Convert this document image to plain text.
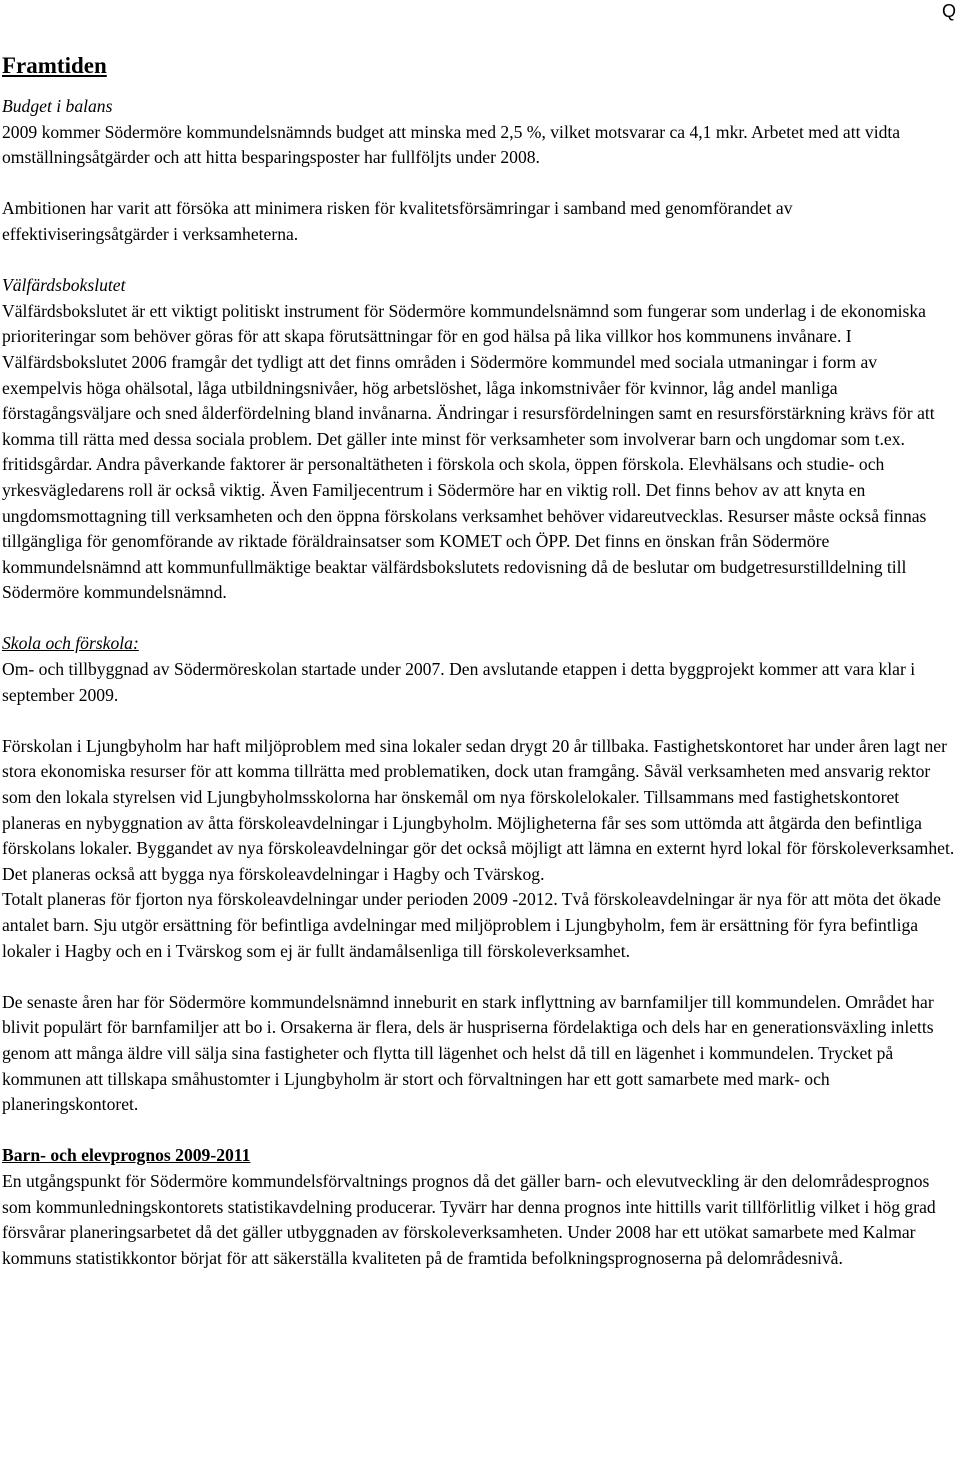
Q
Framtiden

Budget i balans

2009 kommer Södermöre kommundelsnämnds budget att minska med 2,5 %, vilket motsvarar ca 4,1 mkr. Arbetet med att vidta omställningsåtgärder och att hitta besparingsposter har fullföljts under 2008.

Ambitionen har varit att försöka att minimera risken för kvalitetsförsämringar i samband med genomförandet av effektiviseringsåtgärder i verksamheterna.

Välfärdsbokslutet

Välfärdsbokslutet är ett viktigt politiskt instrument för Södermöre kommundelsnämnd som fungerar som underlag i de ekonomiska prioriteringar som behöver göras för att skapa förutsättningar för en god hälsa på lika villkor hos kommunens invånare. I Välfärdsbokslutet 2006 framgår det tydligt att det finns områden i Södermöre kommundel med sociala utmaningar i form av exempelvis höga ohälsotal, låga utbildningsnivåer, hög arbetslöshet, låga inkomstnivåer för kvinnor, låg andel manliga förstagångsväljare och sned ålderfördelning bland invånarna. Ändringar i resursfördelningen samt en resursförstärkning krävs för att komma till rätta med dessa sociala problem. Det gäller inte minst för verksamheter som involverar barn och ungdomar som t.ex. fritidsgårdar. Andra påverkande faktorer är personaltätheten i förskola och skola, öppen förskola. Elevhälsans och studie- och yrkesvägledarens roll är också viktig. Även Familjecentrum i Södermöre har en viktig roll. Det finns behov av att knyta en ungdomsmottagning till verksamheten och den öppna förskolans verksamhet behöver vidareutvecklas. Resurser måste också finnas tillgängliga för genomförande av riktade föräldrainsatser som KOMET och ÖPP. Det finns en önskan från Södermöre kommundelsnämnd att kommunfullmäktige beaktar välfärdsbokslutets redovisning då de beslutar om budgetresurstilldelning till Södermöre kommundelsnämnd.

Skola och förskola:

Om- och tillbyggnad av Södermöreskolan startade under 2007. Den avslutande etappen i detta byggprojekt kommer att vara klar i september 2009.

Förskolan i Ljungbyholm har haft miljöproblem med sina lokaler sedan drygt 20 år tillbaka. Fastighetskontoret har under åren lagt ner stora ekonomiska resurser för att komma tillrätta med problematiken, dock utan framgång. Såväl verksamheten med ansvarig rektor som den lokala styrelsen vid Ljungbyholmsskolorna har önskemål om nya förskolelokaler. Tillsammans med fastighetskontoret planeras en nybyggnation av åtta förskoleavdelningar i Ljungbyholm. Möjligheterna får ses som uttömda att åtgärda den befintliga förskolans lokaler. Byggandet av nya förskoleavdelningar gör det också möjligt att lämna en externt hyrd lokal för förskoleverksamhet. Det planeras också att bygga nya förskoleavdelningar i Hagby och Tvärskog.

Totalt planeras för fjorton nya förskoleavdelningar under perioden 2009 -2012. Två förskoleavdelningar är nya för att möta det ökade antalet barn. Sju utgör ersättning för befintliga avdelningar med miljöproblem i Ljungbyholm, fem är ersättning för fyra befintliga lokaler i Hagby och en i Tvärskog som ej är fullt ändamålsenliga till förskoleverksamhet.

De senaste åren har för Södermöre kommundelsnämnd inneburit en stark inflyttning av barnfamiljer till kommundelen. Området har blivit populärt för barnfamiljer att bo i. Orsakerna är flera, dels är huspriserna fördelaktiga och dels har en generationsväxling inletts genom att många äldre vill sälja sina fastigheter och flytta till lägenhet och helst då till en lägenhet i kommundelen. Trycket på kommunen att tillskapa småhustomter i Ljungbyholm är stort och förvaltningen har ett gott samarbete med mark- och planeringskontoret.

Barn- och elevprognos 2009-2011

En utgångspunkt för Södermöre kommundelsförvaltnings prognos då det gäller barn- och elevutveckling är den delområdesprognos som kommunledningskontorets statistikavdelning producerar. Tyvärr har denna prognos inte hittills varit tillförlitlig vilket i hög grad försvårar planeringsarbetet då det gäller utbyggnaden av förskoleverksamheten. Under 2008 har ett utökat samarbete med Kalmar kommuns statistikkontor börjat för att säkerställa kvaliteten på de framtida befolkningsprognoserna på delområdesnivå.
